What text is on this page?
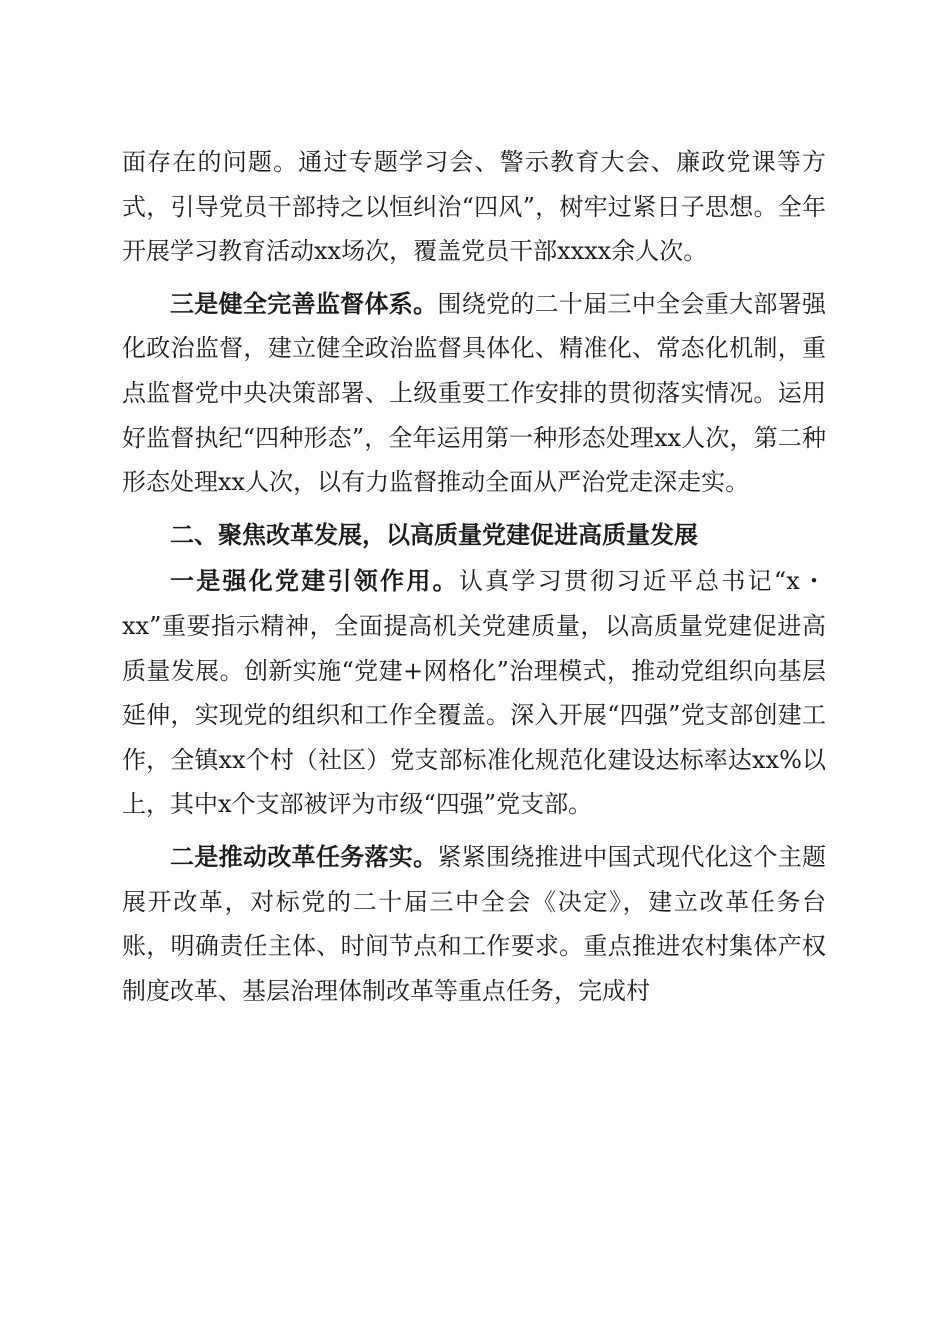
面存在的问题。通过专题学习会、警示教育大会、廉政党课等方式，引导党员干部持之以恒纠治“四风”，树牢过紧日子思想。全年开展学习教育活动xx场次，覆盖党员干部xxxx余人次。

三是健全完善监督体系。围绕党的二十届三中全会重大部署强化政治监督，建立健全政治监督具体化、精准化、常态化机制，重点监督党中央决策部署、上级重要工作安排的贯彻落实情况。运用好监督执纪“四种形态”，全年运用第一种形态处理xx人次，第二种形态处理xx人次，以有力监督推动全面从严治党走深走实。

二、聚焦改革发展，以高质量党建促进高质量发展

一是强化党建引领作用。认真学习贯彻习近平总书记“x・xx”重要指示精神，全面提高机关党建质量，以高质量党建促进高质量发展。创新实施“党建+网格化”治理模式，推动党组织向基层延伸，实现党的组织和工作全覆盖。深入开展“四强”党支部创建工作，全镇xx个村（社区）党支部标准化规范化建设达标率达xx%以上，其中x个支部被评为市级“四强”党支部。

二是推动改革任务落实。紧紧围绕推进中国式现代化这个主题展开改革，对标党的二十届三中全会《决定》，建立改革任务台账，明确责任主体、时间节点和工作要求。重点推进农村集体产权制度改革、基层治理体制改革等重点任务，完成村
